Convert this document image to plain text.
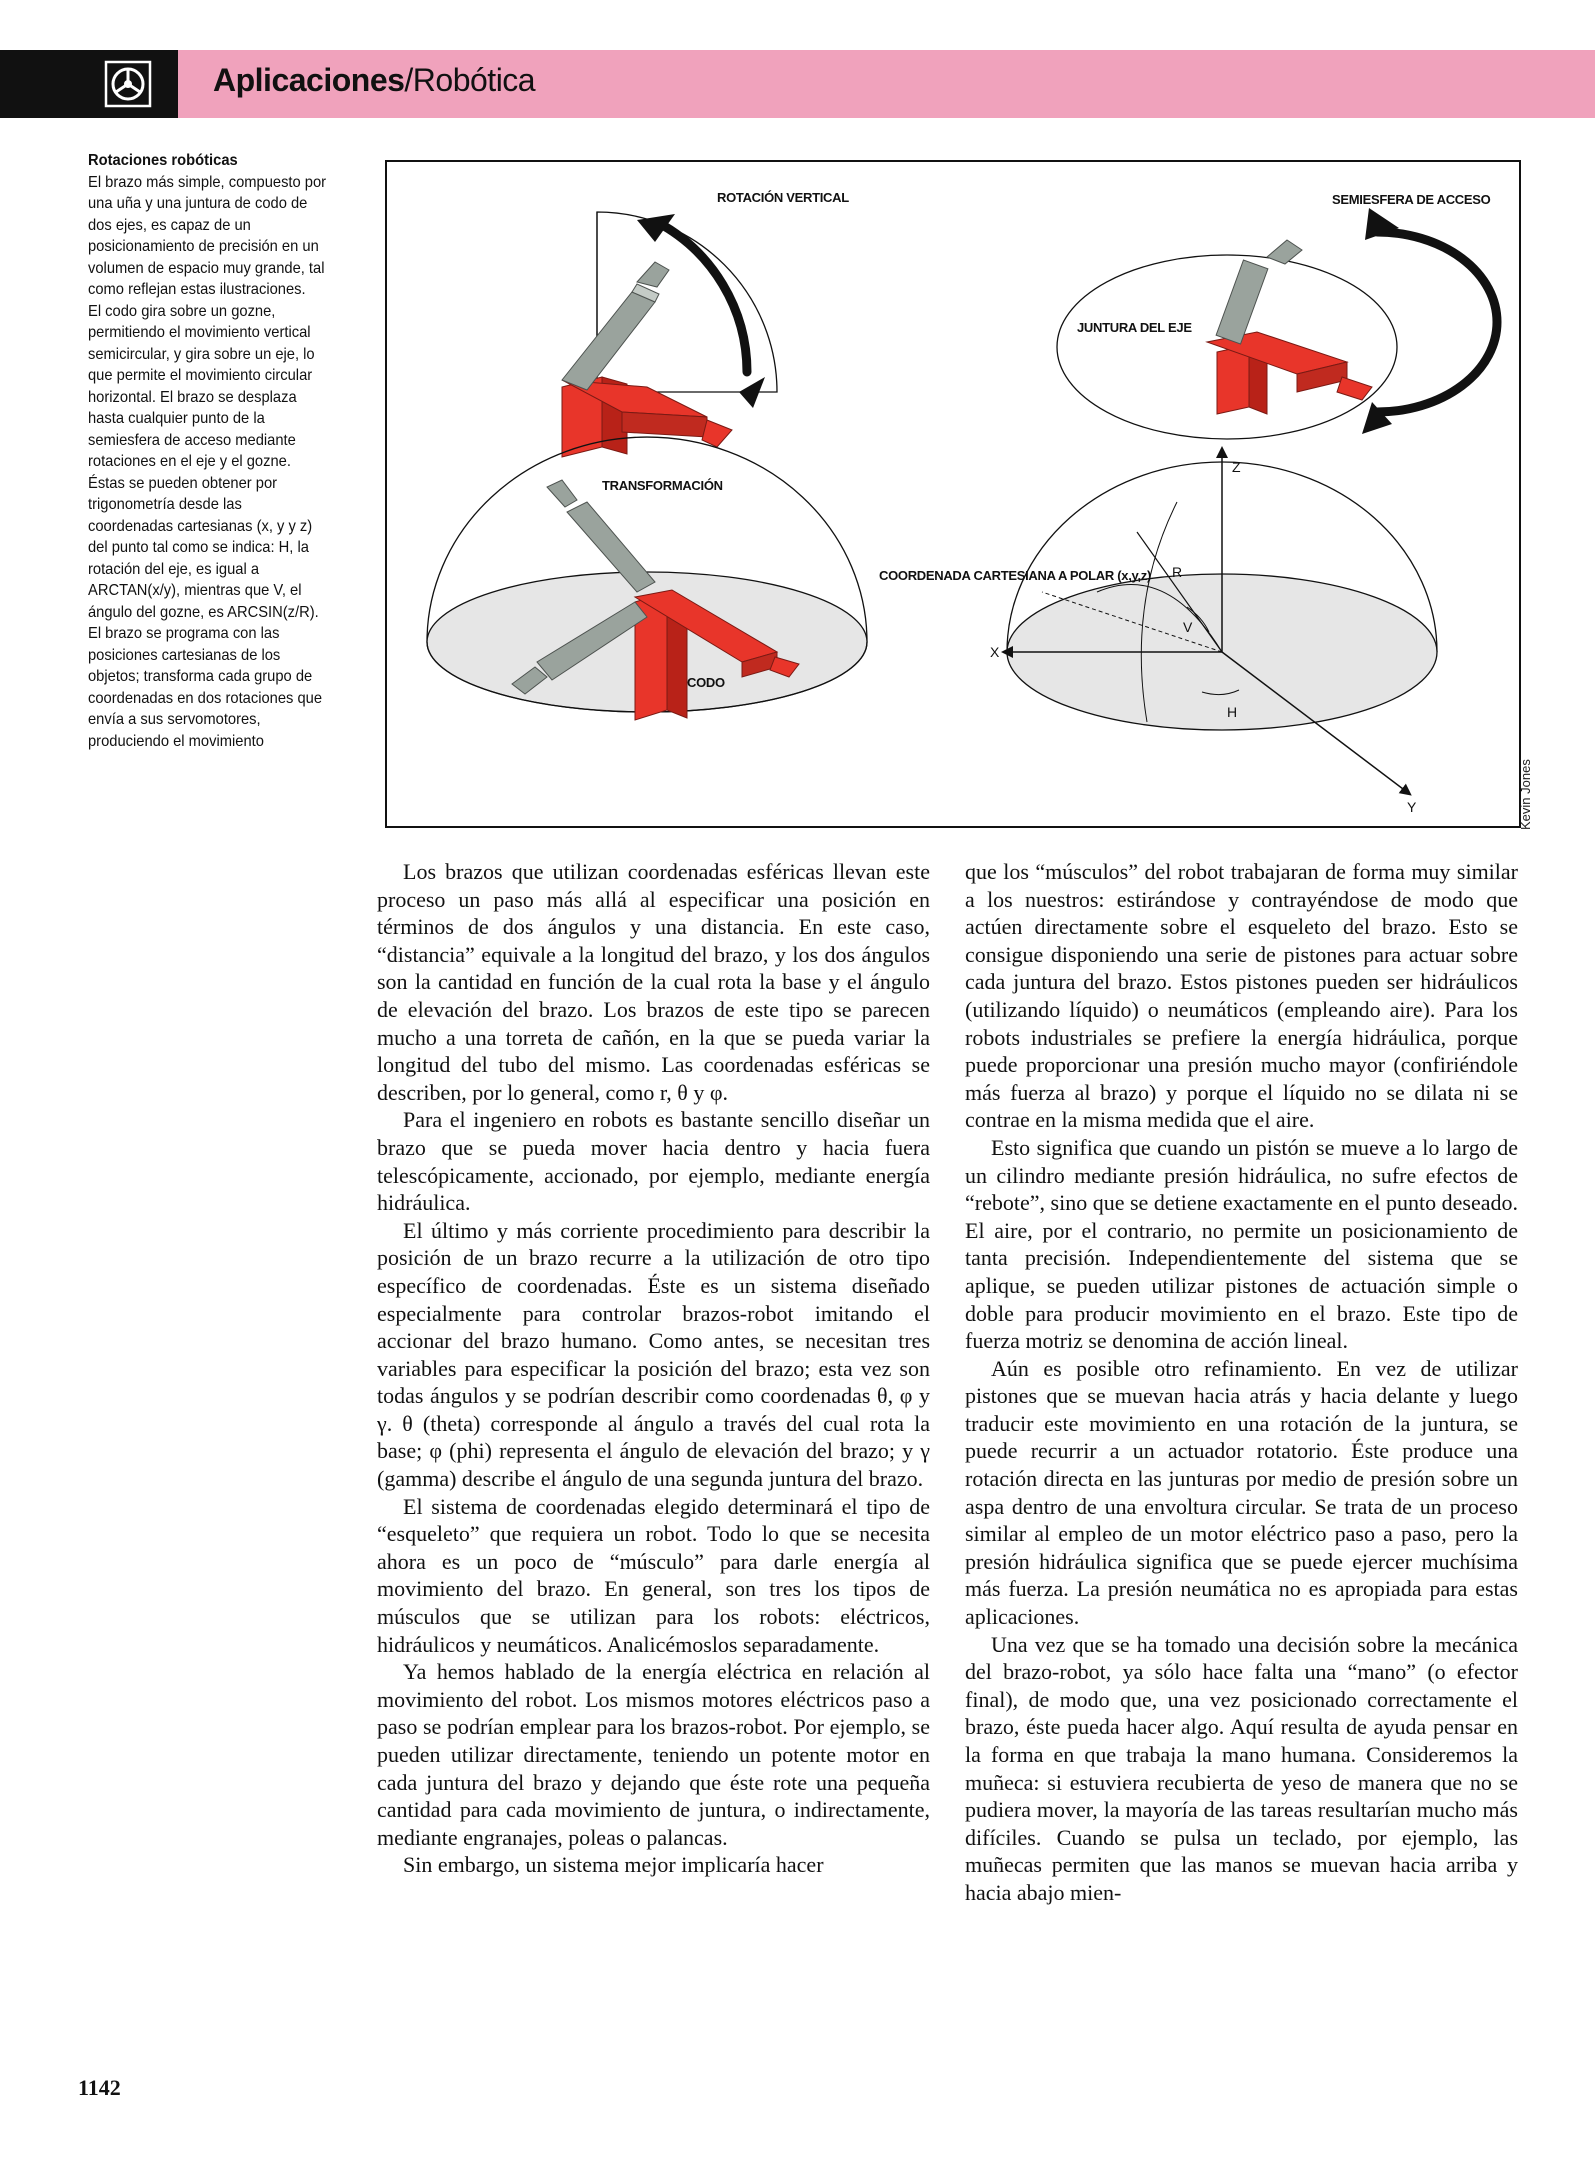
Aplicaciones/Robótica
Rotaciones robóticas

El brazo más simple, compuesto por una uña y una juntura de codo de dos ejes, es capaz de un posicionamiento de precisión en un volumen de espacio muy grande, tal como reflejan estas ilustraciones.

El codo gira sobre un gozne, permitiendo el movimiento vertical semicircular, y gira sobre un eje, lo que permite el movimiento circular horizontal. El brazo se desplaza hasta cualquier punto de la semiesfera de acceso mediante rotaciones en el eje y el gozne. Éstas se pueden obtener por trigonometría desde las coordenadas cartesianas (x, y y z) del punto tal como se indica: H, la rotación del eje, es igual a ARCTAN(x/y), mientras que V, el ángulo del gozne, es ARCSIN(z/R). El brazo se programa con las posiciones cartesianas de los objetos; transforma cada grupo de coordenadas en dos rotaciones que envía a sus servomotores, produciendo el movimiento

ROTACIÓN VERTICAL
TRANSFORMACIÓN
SEMIESFERA DE ACCESO
JUNTURA DEL EJE
CODO
Z
X
Y
R
V
H
COORDENADA CARTESIANA A POLAR (x,y,z)
Kevin Jones

Los brazos que utilizan coordenadas esféricas llevan este proceso un paso más allá al especificar una posición en términos de dos ángulos y una distancia. En este caso, “distancia” equivale a la longitud del brazo, y los dos ángulos son la cantidad en función de la cual rota la base y el ángulo de elevación del brazo. Los brazos de este tipo se parecen mucho a una torreta de cañón, en la que se pueda variar la longitud del tubo del mismo. Las coordenadas esféricas se describen, por lo general, como r, θ y φ.

Para el ingeniero en robots es bastante sencillo diseñar un brazo que se pueda mover hacia dentro y hacia fuera telescópicamente, accionado, por ejemplo, mediante energía hidráulica.

El último y más corriente procedimiento para describir la posición de un brazo recurre a la utilización de otro tipo específico de coordenadas. Éste es un sistema diseñado especialmente para controlar brazos-robot imitando el accionar del brazo humano. Como antes, se necesitan tres variables para especificar la posición del brazo; esta vez son todas ángulos y se podrían describir como coordenadas θ, φ y γ. θ (theta) corresponde al ángulo a través del cual rota la base; φ (phi) representa el ángulo de elevación del brazo; y γ (gamma) describe el ángulo de una segunda juntura del brazo.

El sistema de coordenadas elegido determinará el tipo de “esqueleto” que requiera un robot. Todo lo que se necesita ahora es un poco de “músculo” para darle energía al movimiento del brazo. En general, son tres los tipos de músculos que se utilizan para los robots: eléctricos, hidráulicos y neumáticos. Analicémoslos separadamente.

Ya hemos hablado de la energía eléctrica en relación al movimiento del robot. Los mismos motores eléctricos paso a paso se podrían emplear para los brazos-robot. Por ejemplo, se pueden utilizar directamente, teniendo un potente motor en cada juntura del brazo y dejando que éste rote una pequeña cantidad para cada movimiento de juntura, o indirectamente, mediante engranajes, poleas o palancas.

Sin embargo, un sistema mejor implicaría hacer

que los “músculos” del robot trabajaran de forma muy similar a los nuestros: estirándose y contrayéndose de modo que actúen directamente sobre el esqueleto del brazo. Esto se consigue disponiendo una serie de pistones para actuar sobre cada juntura del brazo. Estos pistones pueden ser hidráulicos (utilizando líquido) o neumáticos (empleando aire). Para los robots industriales se prefiere la energía hidráulica, porque puede proporcionar una presión mucho mayor (confiriéndole más fuerza al brazo) y porque el líquido no se dilata ni se contrae en la misma medida que el aire.

Esto significa que cuando un pistón se mueve a lo largo de un cilindro mediante presión hidráulica, no sufre efectos de “rebote”, sino que se detiene exactamente en el punto deseado. El aire, por el contrario, no permite un posicionamiento de tanta precisión. Independientemente del sistema que se aplique, se pueden utilizar pistones de actuación simple o doble para producir movimiento en el brazo. Este tipo de fuerza motriz se denomina de acción lineal.

Aún es posible otro refinamiento. En vez de utilizar pistones que se muevan hacia atrás y hacia delante y luego traducir este movimiento en una rotación de la juntura, se puede recurrir a un actuador rotatorio. Éste produce una rotación directa en las junturas por medio de presión sobre un aspa dentro de una envoltura circular. Se trata de un proceso similar al empleo de un motor eléctrico paso a paso, pero la presión hidráulica significa que se puede ejercer muchísima más fuerza. La presión neumática no es apropiada para estas aplicaciones.

Una vez que se ha tomado una decisión sobre la mecánica del brazo-robot, ya sólo hace falta una “mano” (o efector final), de modo que, una vez posicionado correctamente el brazo, éste pueda hacer algo. Aquí resulta de ayuda pensar en la forma en que trabaja la mano humana. Consideremos la muñeca: si estuviera recubierta de yeso de manera que no se pudiera mover, la mayoría de las tareas resultarían mucho más difíciles. Cuando se pulsa un teclado, por ejemplo, las muñecas permiten que las manos se muevan hacia arriba y hacia abajo mien-

1142
